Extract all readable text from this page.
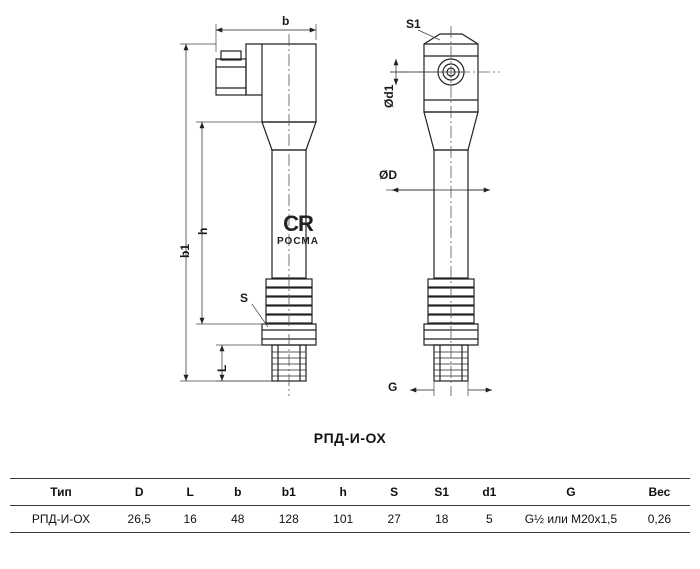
b
h
b1
S
L
S1
Ød1
ØD
G
CR
РОСМА
РПД-И-ОХ
Тип	D	L	b	b1	h	S	S1	d1	G	Вес
РПД-И-ОХ	26,5	16	48	128	101	27	18	5	G½ или M20x1,5	0,26
